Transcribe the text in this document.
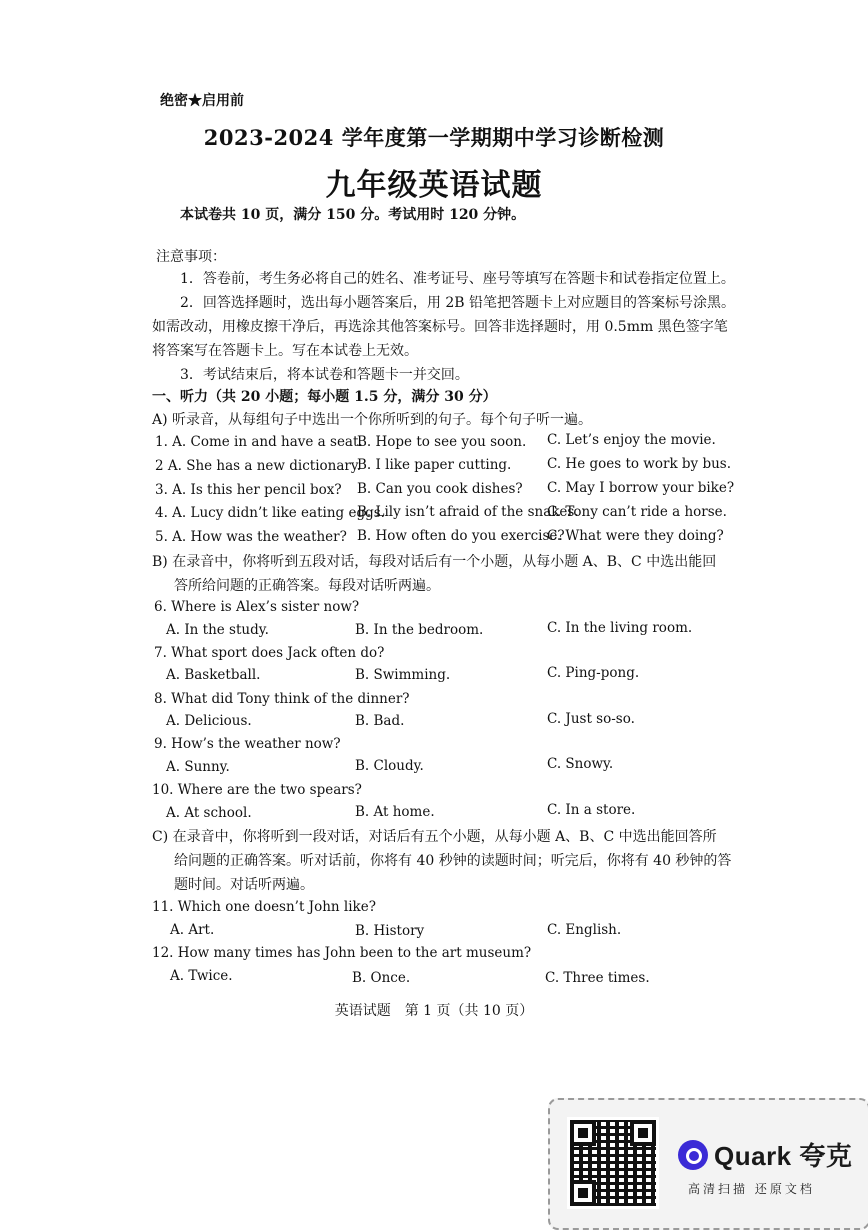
绝密★启用前
2023-2024 学年度第一学期期中学习诊断检测
九年级英语试题
本试卷共 10 页，满分 150 分。考试用时 120 分钟。
注意事项：
1．答卷前，考生务必将自己的姓名、准考证号、座号等填写在答题卡和试卷指定位置上。
2．回答选择题时，选出每小题答案后，用 2B 铅笔把答题卡上对应题目的答案标号涂黑。
如需改动，用橡皮擦干净后，再选涂其他答案标号。回答非选择题时，用 0.5mm 黑色签字笔
将答案写在答题卡上。写在本试卷上无效。
3．考试结束后，将本试卷和答题卡一并交回。
一、听力（共 20 小题；每小题 1.5 分，满分 30 分）
A) 听录音，从每组句子中选出一个你所听到的句子。每个句子听一遍。
1. A. Come in and have a seat.
B. Hope to see you soon. C. Let’s enjoy the movie.
2 A. She has a new dictionary.
B. I like paper cutting.	C. He goes to work by bus.
3. A. Is this her pencil box? B. Can you cook dishes? C. May I borrow your bike?
4. A. Lucy didn’t like eating eggs.
B. Lily isn’t afraid of the snakes.
C. Tony can’t ride a horse.
5. A. How was the weather? B. How often do you exercise?
C. What were they doing?
B) 在录音中，你将听到五段对话，每段对话后有一个小题，从每小题 A、B、C 中选出能回
答所给问题的正确答案。每段对话听两遍。
6. Where is Alex’s sister now?
A. In the study.	B. In the bedroom.	C. In the living room.
7. What sport does Jack often do?
A. Basketball.	B. Swimming.	C. Ping-pong.
8. What did Tony think of the dinner?
A. Delicious.	B. Bad.	C. Just so-so.
9. How’s the weather now?
A. Sunny.	B. Cloudy.	C. Snowy.
10. Where are the two spears?
A. At school.	B. At home.	C. In a store.
C) 在录音中，你将听到一段对话，对话后有五个小题，从每小题 A、B、C 中选出能回答所
给问题的正确答案。听对话前，你将有 40 秒钟的读题时间；听完后，你将有 40 秒钟的答
题时间。对话听两遍。
11. Which one doesn’t John like?
A. Art.	B. History	C. English.
12. How many times has John been to the art museum?
A. Twice.	B. Once.	C. Three times.
英语试题　第 1 页（共 10 页）
Quark 夸克
高清扫描 还原文档
